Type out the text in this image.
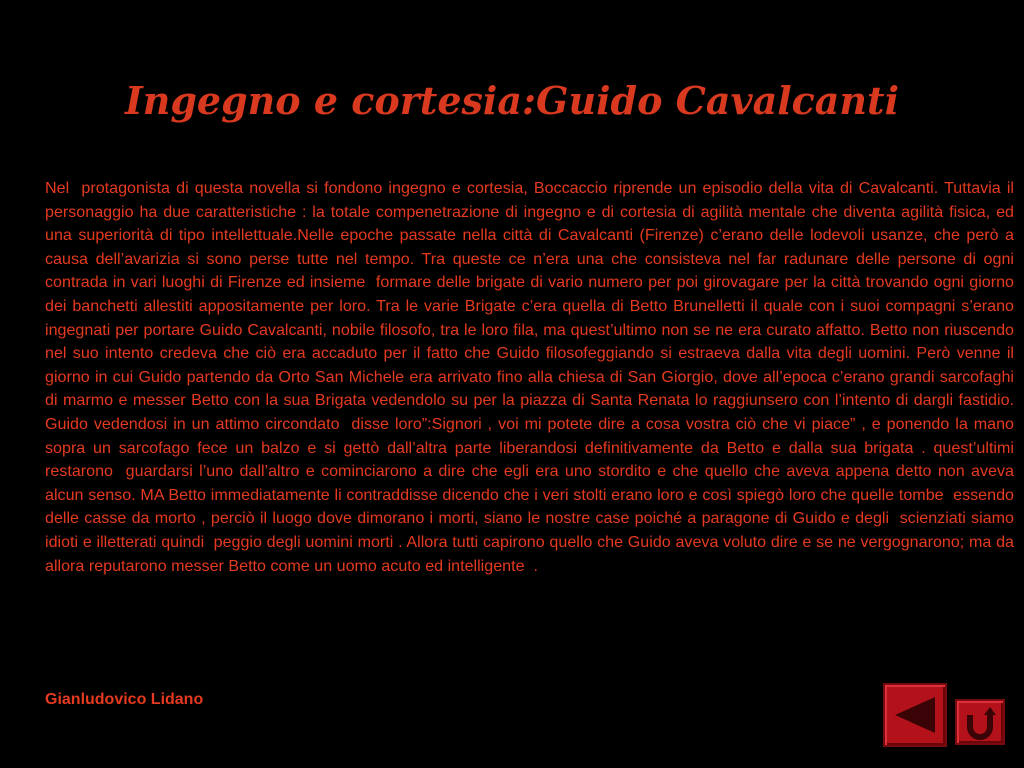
Ingegno e cortesia:Guido Cavalcanti

Nel  protagonista di questa novella si fondono ingegno e cortesia, Boccaccio riprende un episodio della vita di Cavalcanti. Tuttavia il personaggio ha due caratteristiche : la totale compenetrazione di ingegno e di cortesia di agilità mentale che diventa agilità fisica, ed una superiorità di tipo intellettuale.Nelle epoche passate nella città di Cavalcanti (Firenze) c’erano delle lodevoli usanze, che però a causa dell’avarizia si sono perse tutte nel tempo. Tra queste ce n’era una che consisteva nel far radunare delle persone di ogni contrada in vari luoghi di Firenze ed insieme  formare delle brigate di vario numero per poi girovagare per la città trovando ogni giorno dei banchetti allestiti appositamente per loro. Tra le varie Brigate c’era quella di Betto Brunelletti il quale con i suoi compagni s’erano ingegnati per portare Guido Cavalcanti, nobile filosofo, tra le loro fila, ma quest’ultimo non se ne era curato affatto. Betto non riuscendo nel suo intento credeva che ciò era accaduto per il fatto che Guido filosofeggiando si estraeva dalla vita degli uomini. Però venne il giorno in cui Guido partendo da Orto San Michele era arrivato fino alla chiesa di San Giorgio, dove all’epoca c’erano grandi sarcofaghi di marmo e messer Betto con la sua Brigata vedendolo su per la piazza di Santa Renata lo raggiunsero con l’intento di dargli fastidio. Guido vedendosi in un attimo circondato  disse loro”:Signori , voi mi potete dire a cosa vostra ciò che vi piace” , e ponendo la mano sopra un sarcofago fece un balzo e si gettò dall’altra parte liberandosi definitivamente da Betto e dalla sua brigata . quest’ultimi restarono  guardarsi l’uno dall’altro e cominciarono a dire che egli era uno stordito e che quello che aveva appena detto non aveva alcun senso. MA Betto immediatamente li contraddisse dicendo che i veri stolti erano loro e così spiegò loro che quelle tombe  essendo delle casse da morto , perciò il luogo dove dimorano i morti, siano le nostre case poiché a paragone di Guido e degli  scienziati siamo idioti e illetterati quindi  peggio degli uomini morti . Allora tutti capirono quello che Guido aveva voluto dire e se ne vergognarono; ma da allora reputarono messer Betto come un uomo acuto ed intelligente  .

Gianludovico Lidano
